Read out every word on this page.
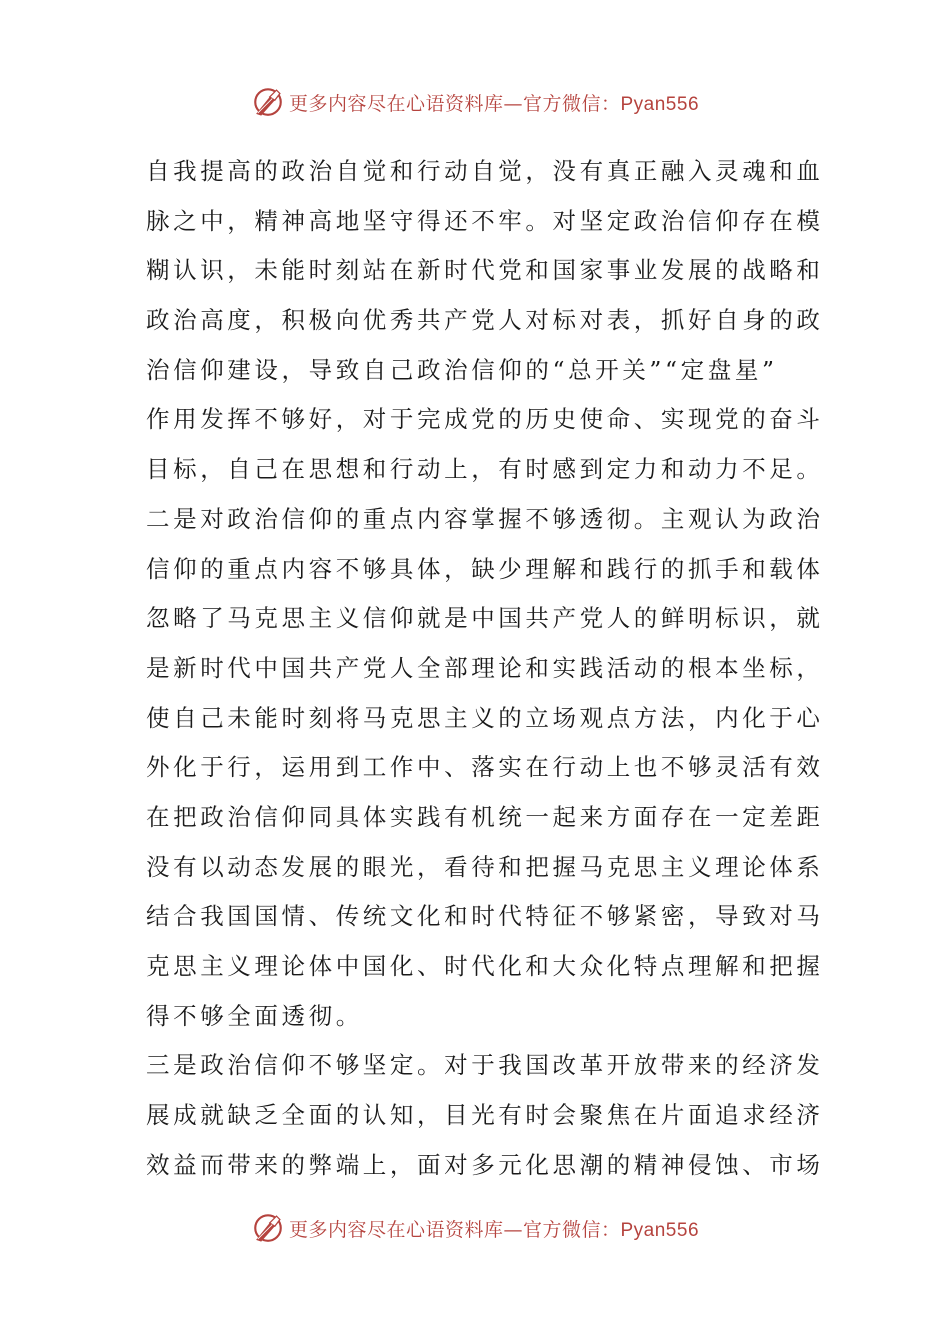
更多内容尽在心语资料库—官方微信：Pyan556
自我提高的政治自觉和行动自觉，没有真正融入灵魂和血
脉之中，精神高地坚守得还不牢。对坚定政治信仰存在模
糊认识，未能时刻站在新时代党和国家事业发展的战略和
政治高度，积极向优秀共产党人对标对表，抓好自身的政
治信仰建设，导致自己政治信仰的“总开关”“定盘星”
作用发挥不够好，对于完成党的历史使命、实现党的奋斗
目标，自己在思想和行动上，有时感到定力和动力不足。
二是对政治信仰的重点内容掌握不够透彻。主观认为政治
信仰的重点内容不够具体，缺少理解和践行的抓手和载体
忽略了马克思主义信仰就是中国共产党人的鲜明标识，就
是新时代中国共产党人全部理论和实践活动的根本坐标，
使自己未能时刻将马克思主义的立场观点方法，内化于心
外化于行，运用到工作中、落实在行动上也不够灵活有效
在把政治信仰同具体实践有机统一起来方面存在一定差距
没有以动态发展的眼光，看待和把握马克思主义理论体系
结合我国国情、传统文化和时代特征不够紧密，导致对马
克思主义理论体中国化、时代化和大众化特点理解和把握
得不够全面透彻。
三是政治信仰不够坚定。对于我国改革开放带来的经济发
展成就缺乏全面的认知，目光有时会聚焦在片面追求经济
效益而带来的弊端上，面对多元化思潮的精神侵蚀、市场
更多内容尽在心语资料库—官方微信：Pyan556
